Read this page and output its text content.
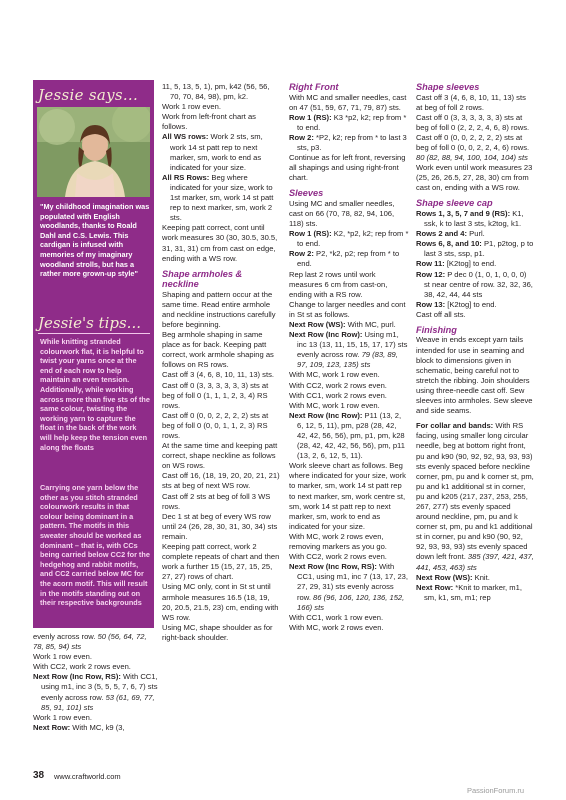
Jessie says...
"My childhood imagination was populated with English woodlands, thanks to Roald Dahl and C.S. Lewis. This cardigan is infused with memories of my imaginary woodland strolls, but has a rather more grown-up style"
Jessie's tips...
While knitting stranded colourwork flat, it is helpful to twist your yarns once at the end of each row to help maintain an even tension. Additionally, while working across more than five sts of the same colour, twisting the working yarn to capture the float in the back of the work will help keep the tension even along the floats
Carrying one yarn below the other as you stitch stranded colourwork results in that colour being dominant in a pattern. The motifs in this sweater should be worked as dominant – that is, with CCs being carried below CC2 for the hedgehog and rabbit motifs, and CC2 carried below MC for the acorn motif. This will result in the motifs standing out on their respective backgrounds

evenly across row. 50 (56, 64, 72, 78, 85, 94) sts

Work 1 row even.

With CC2, work 2 rows even.

Next Row (Inc Row, RS): With CC1, using m1, inc 3 (5, 5, 5, 7, 6, 7) sts evenly across row. 53 (61, 69, 77, 85, 91, 101) sts

Work 1 row even.

Next Row: With MC, k9 (3,

11, 5, 13, 5, 1), pm, k42 (56, 56, 70, 70, 84, 98), pm, k2.

Work 1 row even.

Work from left-front chart as follows.

All WS rows: Work 2 sts, sm, work 14 st patt rep to next marker, sm, work to end as indicated for your size.

All RS Rows: Beg where indicated for your size, work to 1st marker, sm, work 14 st patt rep to next marker, sm, work 2 sts.

Keeping patt correct, cont until work measures 30 (30, 30.5, 30.5, 31, 31, 31) cm from cast on edge, ending with a WS row.

Shape armholes & neckline

Shaping and pattern occur at the same time. Read entire armhole and neckline instructions carefully before beginning.

Beg armhole shaping in same place as for back. Keeping patt correct, work armhole shaping as follows on RS rows.

Cast off 3 (4, 6, 8, 10, 11, 13) sts.

Cast off 0 (3, 3, 3, 3, 3, 3) sts at beg of foll 0 (1, 1, 1, 2, 3, 4) RS rows.

Cast off 0 (0, 0, 2, 2, 2, 2) sts at beg of foll 0 (0, 0, 1, 1, 2, 3) RS rows.

At the same time and keeping patt correct, shape neckline as follows on WS rows.

Cast off 16, (18, 19, 20, 20, 21, 21) sts at beg of next WS row.

Cast off 2 sts at beg of foll 3 WS rows.

Dec 1 st at beg of every WS row until 24 (26, 28, 30, 31, 30, 34) sts remain.

Keeping patt correct, work 2 complete repeats of chart and then work a further 15 (15, 27, 15, 25, 27, 27) rows of chart.

Using MC only, cont in St st until armhole measures 16.5 (18, 19, 20, 20.5, 21.5, 23) cm, ending with WS row.

Using MC, shape shoulder as for right-back shoulder.

Right Front

With MC and smaller needles, cast on 47 (51, 59, 67, 71, 79, 87) sts.

Row 1 (RS): K3 *p2, k2; rep from * to end.

Row 2: *P2, k2; rep from * to last 3 sts, p3.

Continue as for left front, reversing all shapings and using right-front chart.

Sleeves

Using MC and smaller needles, cast on 66 (70, 78, 82, 94, 106, 118) sts.

Row 1 (RS): K2, *p2, k2; rep from * to end.

Row 2: P2, *k2, p2; rep from * to end.

Rep last 2 rows until work measures 6 cm from cast-on, ending with a RS row.

Change to larger needles and cont in St st as follows.

Next Row (WS): With MC, purl.

Next Row (Inc Row): Using m1, inc 13 (13, 11, 15, 15, 17, 17) sts evenly across row. 79 (83, 89, 97, 109, 123, 135) sts

With MC, work 1 row even.

With CC2, work 2 rows even.

With CC1, work 2 rows even.

With MC, work 1 row even.

Next Row (Inc Row): P11 (13, 2, 6, 12, 5, 11), pm, p28 (28, 42, 42, 42, 56, 56), pm, p1, pm, k28 (28, 42, 42, 42, 56, 56), pm, p11 (13, 2, 6, 12, 5, 11).

Work sleeve chart as follows. Beg where indicated for your size, work to marker, sm, work 14 st patt rep to next marker, sm, work centre st, sm, work 14 st patt rep to next marker, sm, work to end as indicated for your size.

With MC, work 2 rows even, removing markers as you go.

With CC2, work 2 rows even.

Next Row (Inc Row, RS): With CC1, using m1, inc 7 (13, 17, 23, 27, 29, 31) sts evenly across row. 86 (96, 106, 120, 136, 152, 166) sts

With CC1, work 1 row even.

With MC, work 2 rows even.

Shape sleeves

Cast off 3 (4, 6, 8, 10, 11, 13) sts at beg of foll 2 rows.

Cast off 0 (3, 3, 3, 3, 3, 3) sts at beg of foll 0 (2, 2, 2, 4, 6, 8) rows.

Cast off 0 (0, 0, 2, 2, 2, 2) sts at beg of foll 0 (0, 0, 2, 2, 4, 6) rows. 80 (82, 88, 94, 100, 104, 104) sts

Work even until work measures 23 (25, 26, 26.5, 27, 28, 30) cm from cast on, ending with a WS row.

Shape sleeve cap

Rows 1, 3, 5, 7 and 9 (RS): K1, ssk, k to last 3 sts, k2tog, k1.

Rows 2 and 4: Purl.

Rows 6, 8, and 10: P1, p2tog, p to last 3 sts, ssp, p1.

Row 11: [K2tog] to end.

Row 12: P dec 0 (1, 0, 1, 0, 0, 0) st near centre of row. 32, 32, 36, 38, 42, 44, 44 sts

Row 13: [K2tog] to end.

Cast off all sts.

Finishing

Weave in ends except yarn tails intended for use in seaming and block to dimensions given in schematic, being careful not to stretch the ribbing. Join shoulders using three-needle cast off. Sew sleeves into armholes. Sew sleeve and side seams.

For collar and bands: With RS facing, using smaller long circular needle, beg at bottom right front, pu and k90 (90, 92, 92, 93, 93, 93) sts evenly spaced before neckline corner, pm, pu and k corner st, pm, pu and k1 additional st in corner, pu and k205 (217, 237, 253, 255, 267, 277) sts evenly spaced around neckline, pm, pu and k corner st, pm, pu and k1 additional st in corner, pu and k90 (90, 92, 92, 93, 93, 93) sts evenly spaced down left front. 385 (397, 421, 437, 441, 453, 463) sts

Next Row (WS): Knit.

Next Row: *Knit to marker, m1, sm, k1, sm, m1; rep

38 www.craftworld.com
PassionForum.ru
